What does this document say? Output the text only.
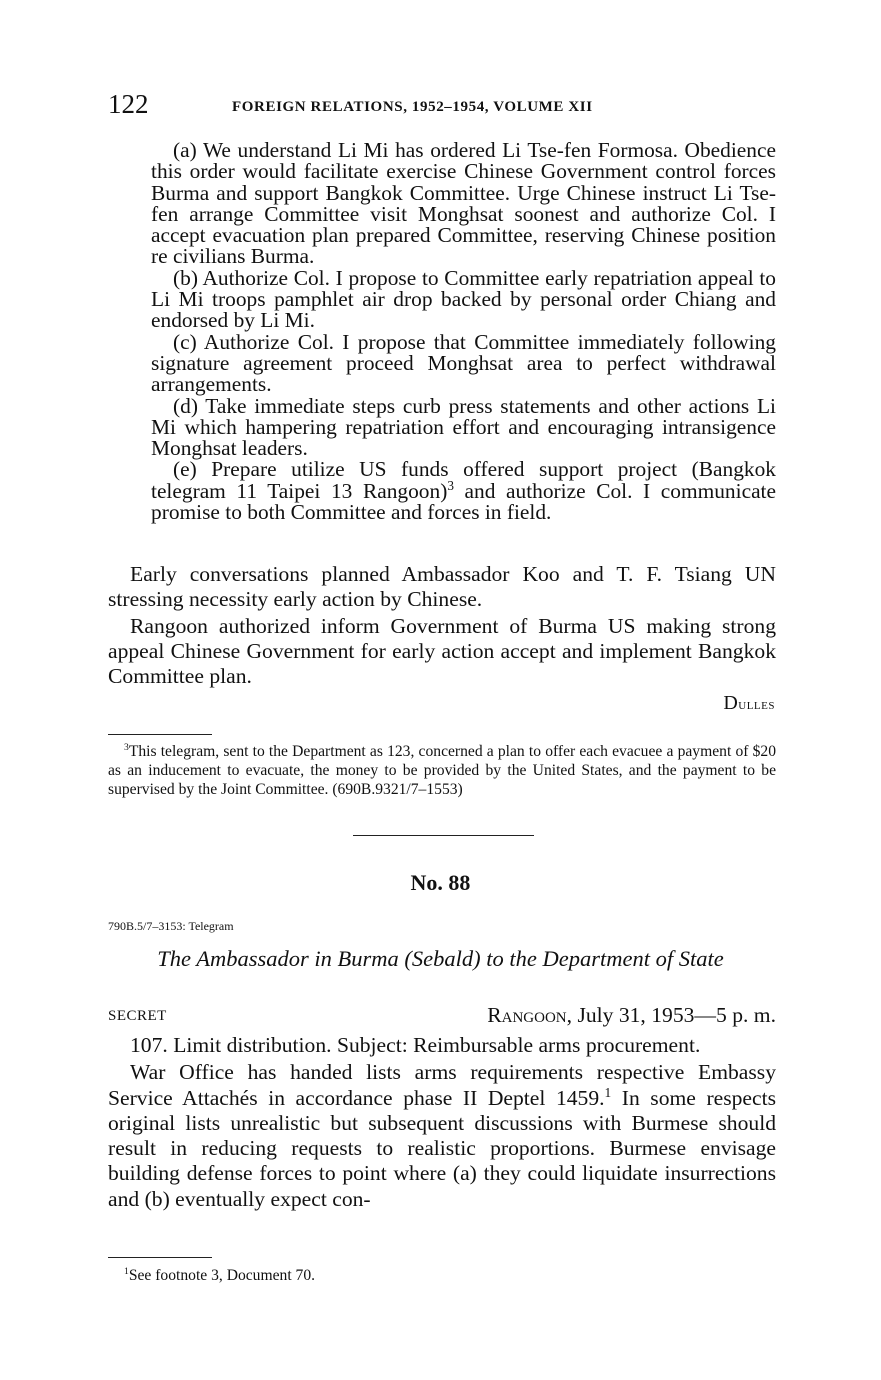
122	FOREIGN RELATIONS, 1952–1954, VOLUME XII

(a) We understand Li Mi has ordered Li Tse-fen Formosa. Obedience this order would facilitate exercise Chinese Government control forces Burma and support Bangkok Committee. Urge Chinese instruct Li Tse-fen arrange Committee visit Monghsat soonest and authorize Col. I accept evacuation plan prepared Committee, reserving Chinese position re civilians Burma.

(b) Authorize Col. I propose to Committee early repatriation appeal to Li Mi troops pamphlet air drop backed by personal order Chiang and endorsed by Li Mi.

(c) Authorize Col. I propose that Committee immediately following signature agreement proceed Monghsat area to perfect withdrawal arrangements.

(d) Take immediate steps curb press statements and other actions Li Mi which hampering repatriation effort and encouraging intransigence Monghsat leaders.

(e) Prepare utilize US funds offered support project (Bangkok telegram 11 Taipei 13 Rangoon)$^3$ and authorize Col. I communicate promise to both Committee and forces in field.

Early conversations planned Ambassador Koo and T. F. Tsiang UN stressing necessity early action by Chinese.

Rangoon authorized inform Government of Burma US making strong appeal Chinese Government for early action accept and implement Bangkok Committee plan.

Dulles

$^3$This telegram, sent to the Department as 123, concerned a plan to offer each evacuee a payment of $20 as an inducement to evacuate, the money to be provided by the United States, and the payment to be supervised by the Joint Committee. (690B.9321/7–1553)

No. 88
790B.5/7–3153: Telegram
The Ambassador in Burma (Sebald) to the Department of State
SECRET	Rangoon, July 31, 1953—5 p. m.

107. Limit distribution. Subject: Reimbursable arms procurement.

War Office has handed lists arms requirements respective Embassy Service Attachés in accordance phase II Deptel 1459.$^1$ In some respects original lists unrealistic but subsequent discussions with Burmese should result in reducing requests to realistic proportions. Burmese envisage building defense forces to point where (a) they could liquidate insurrections and (b) eventually expect con-

$^1$See footnote 3, Document 70.
